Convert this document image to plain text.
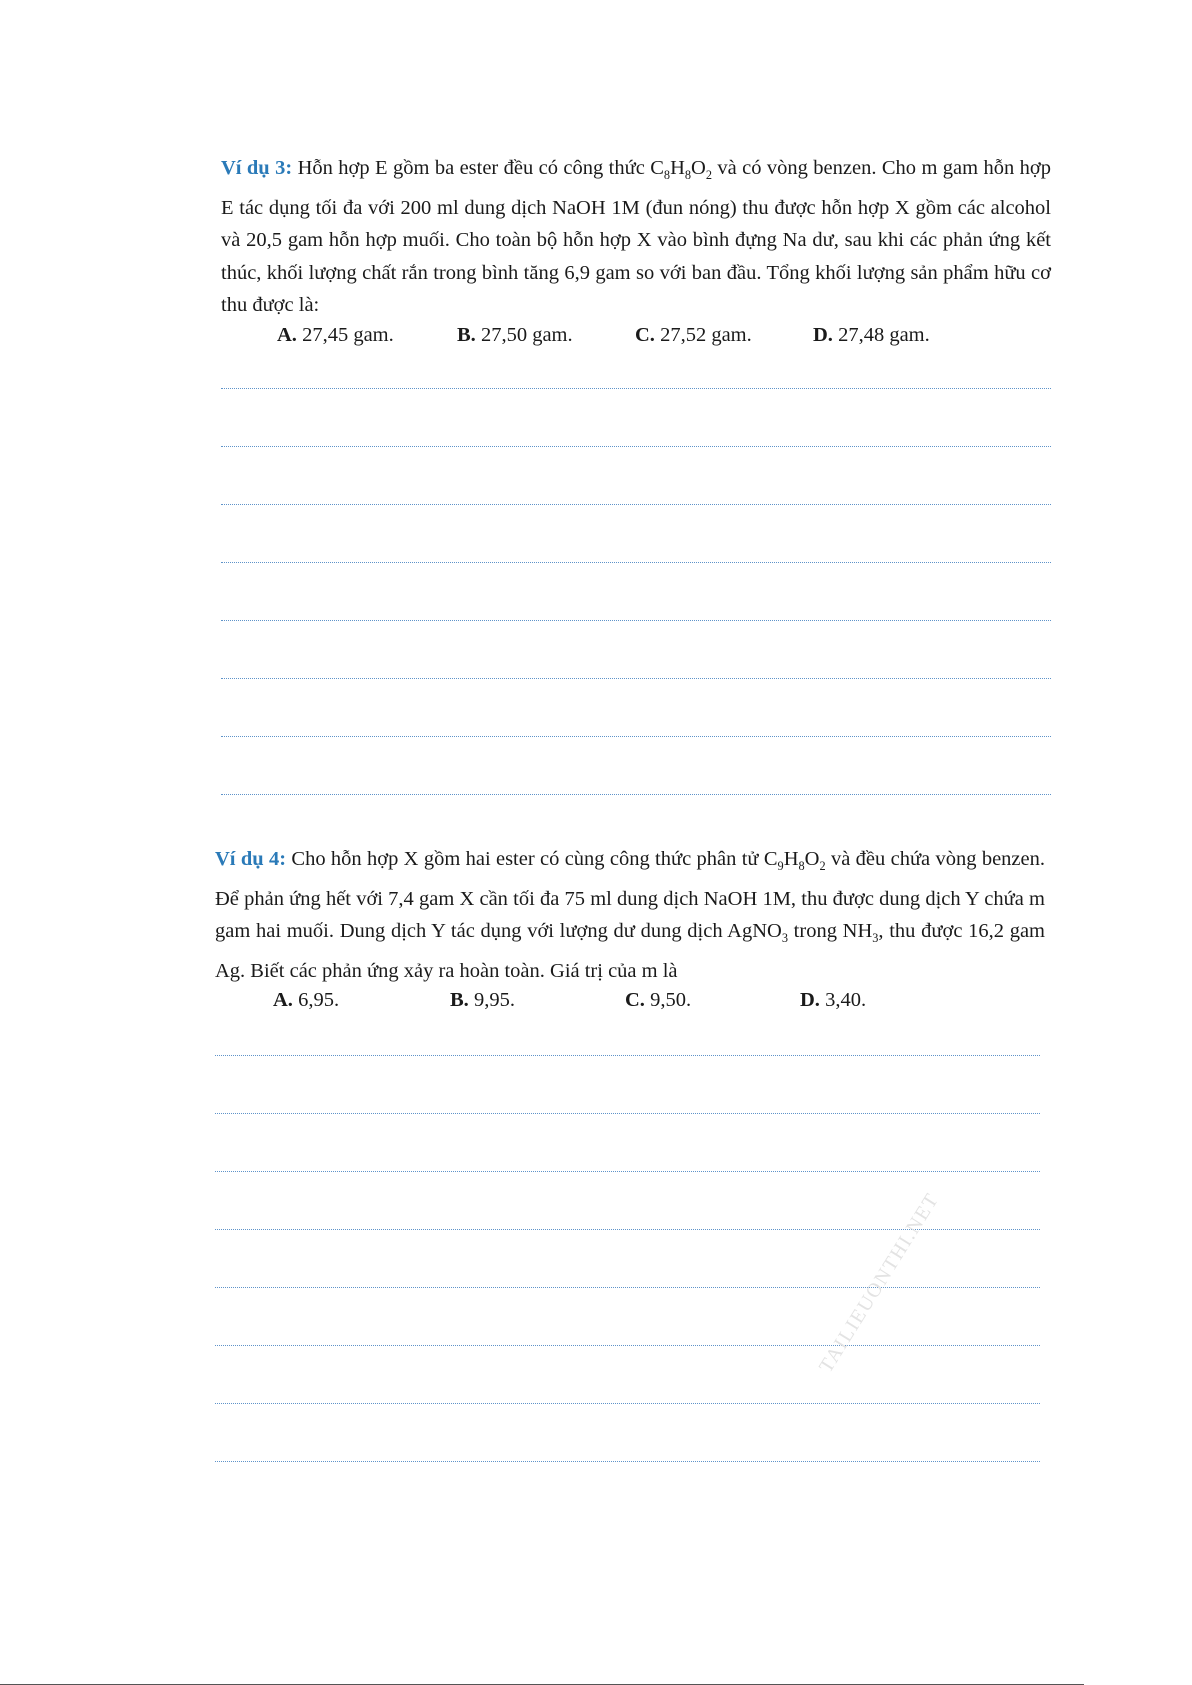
Ví dụ 3: Hỗn hợp E gồm ba ester đều có công thức $C_8H_8O_2$ và có vòng benzen. Cho m gam hỗn hợp E tác dụng tối đa với 200 ml dung dịch NaOH 1M (đun nóng) thu được hỗn hợp X gồm các alcohol và 20,5 gam hỗn hợp muối. Cho toàn bộ hỗn hợp X vào bình đựng Na dư, sau khi các phản ứng kết thúc, khối lượng chất rắn trong bình tăng 6,9 gam so với ban đầu. Tổng khối lượng sản phẩm hữu cơ thu được là:

A. 27,45 gam.	B. 27,50 gam.	C. 27,52 gam.	D. 27,48 gam.

Ví dụ 4: Cho hỗn hợp X gồm hai ester có cùng công thức phân tử $C_9H_8O_2$ và đều chứa vòng benzen. Để phản ứng hết với 7,4 gam X cần tối đa 75 ml dung dịch NaOH 1M, thu được dung dịch Y chứa m gam hai muối. Dung dịch Y tác dụng với lượng dư dung dịch AgNO$_3$ trong $NH_3$, thu được 16,2 gam Ag. Biết các phản ứng xảy ra hoàn toàn. Giá trị của m là

A. 6,95.	B. 9,95.	C. 9,50.	D. 3,40.
TAILIEUONTHI.NET
